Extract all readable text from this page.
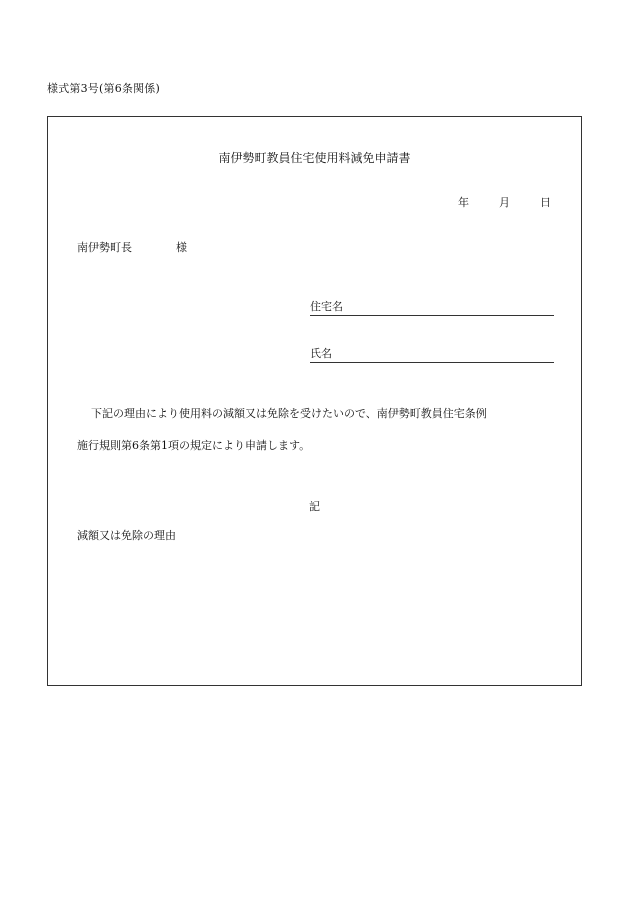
様式第3号(第6条関係)
南伊勢町教員住宅使用料減免申請書
年	月	日
南伊勢町長	様
住宅名
氏名
下記の理由により使用料の減額又は免除を受けたいので、南伊勢町教員住宅条例
施行規則第6条第1項の規定により申請します。
記
減額又は免除の理由
